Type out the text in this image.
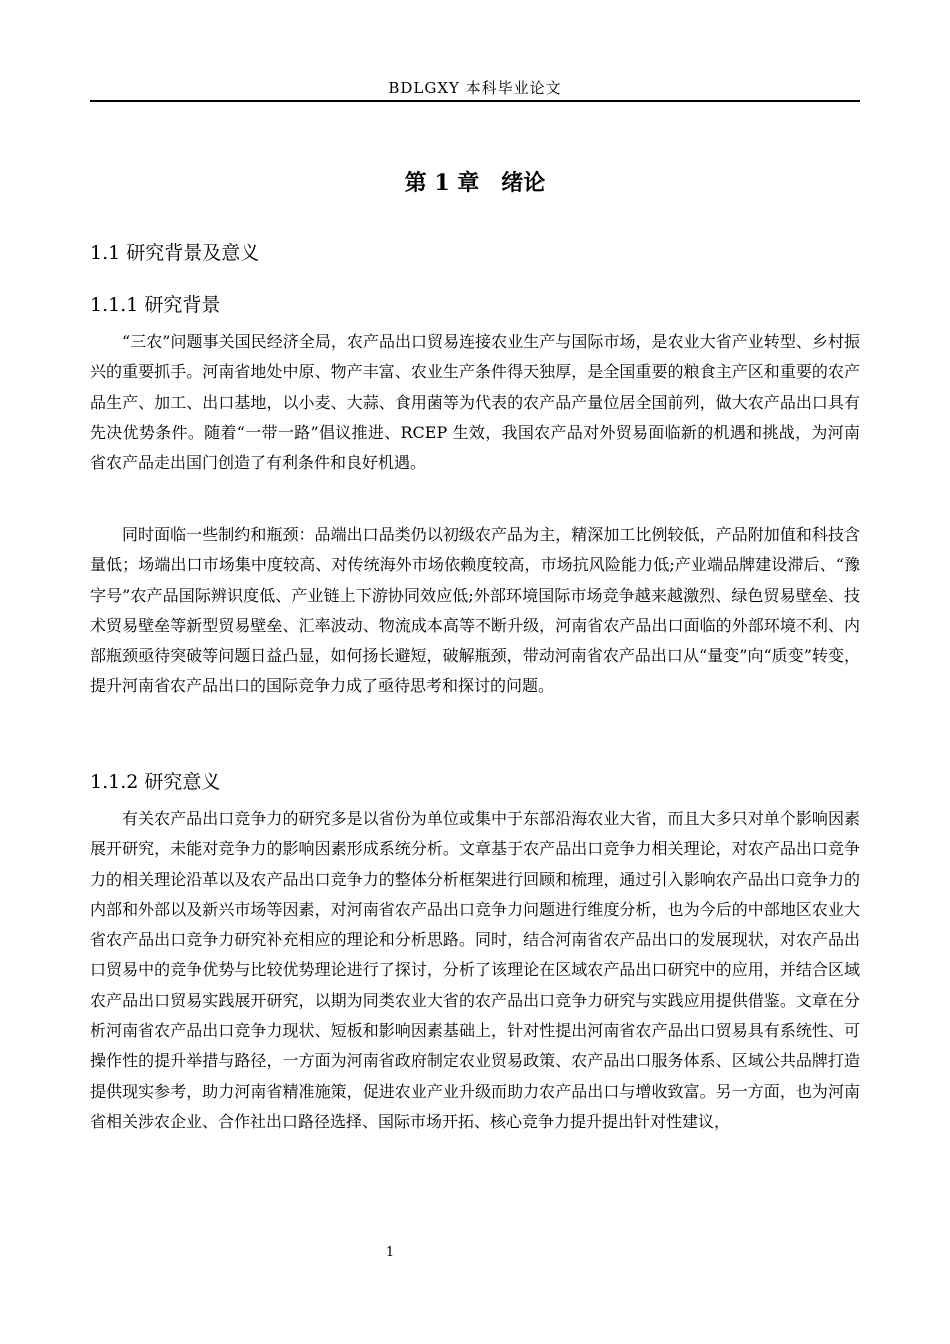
BDLGXY 本科毕业论文
第 1 章　绪论
1.1 研究背景及意义
1.1.1 研究背景

“三农”问题事关国民经济全局，农产品出口贸易连接农业生产与国际市场，是农业大省产业转型、乡村振兴的重要抓手。河南省地处中原、物产丰富、农业生产条件得天独厚，是全国重要的粮食主产区和重要的农产品生产、加工、出口基地，以小麦、大蒜、食用菌等为代表的农产品产量位居全国前列，做大农产品出口具有先决优势条件。随着“一带一路”倡议推进、RCEP 生效，我国农产品对外贸易面临新的机遇和挑战，为河南省农产品走出国门创造了有利条件和良好机遇。

同时面临一些制约和瓶颈：品端出口品类仍以初级农产品为主，精深加工比例较低，产品附加值和科技含量低；场端出口市场集中度较高、对传统海外市场依赖度较高，市场抗风险能力低;产业端品牌建设滞后、“豫字号”农产品国际辨识度低、产业链上下游协同效应低;外部环境国际市场竞争越来越激烈、绿色贸易壁垒、技术贸易壁垒等新型贸易壁垒、汇率波动、物流成本高等不断升级，河南省农产品出口面临的外部环境不利、内部瓶颈亟待突破等问题日益凸显，如何扬长避短，破解瓶颈，带动河南省农产品出口从“量变”向“质变”转变，提升河南省农产品出口的国际竞争力成了亟待思考和探讨的问题。

1.1.2 研究意义

有关农产品出口竞争力的研究多是以省份为单位或集中于东部沿海农业大省，而且大多只对单个影响因素展开研究，未能对竞争力的影响因素形成系统分析。文章基于农产品出口竞争力相关理论，对农产品出口竞争力的相关理论沿革以及农产品出口竞争力的整体分析框架进行回顾和梳理，通过引入影响农产品出口竞争力的内部和外部以及新兴市场等因素，对河南省农产品出口竞争力问题进行维度分析，也为今后的中部地区农业大省农产品出口竞争力研究补充相应的理论和分析思路。同时，结合河南省农产品出口的发展现状，对农产品出口贸易中的竞争优势与比较优势理论进行了探讨，分析了该理论在区域农产品出口研究中的应用，并结合区域农产品出口贸易实践展开研究，以期为同类农业大省的农产品出口竞争力研究与实践应用提供借鉴。文章在分析河南省农产品出口竞争力现状、短板和影响因素基础上，针对性提出河南省农产品出口贸易具有系统性、可操作性的提升举措与路径，一方面为河南省政府制定农业贸易政策、农产品出口服务体系、区域公共品牌打造提供现实参考，助力河南省精准施策，促进农业产业升级而助力农产品出口与增收致富。另一方面，也为河南省相关涉农企业、合作社出口路径选择、国际市场开拓、核心竞争力提升提出针对性建议，

1
